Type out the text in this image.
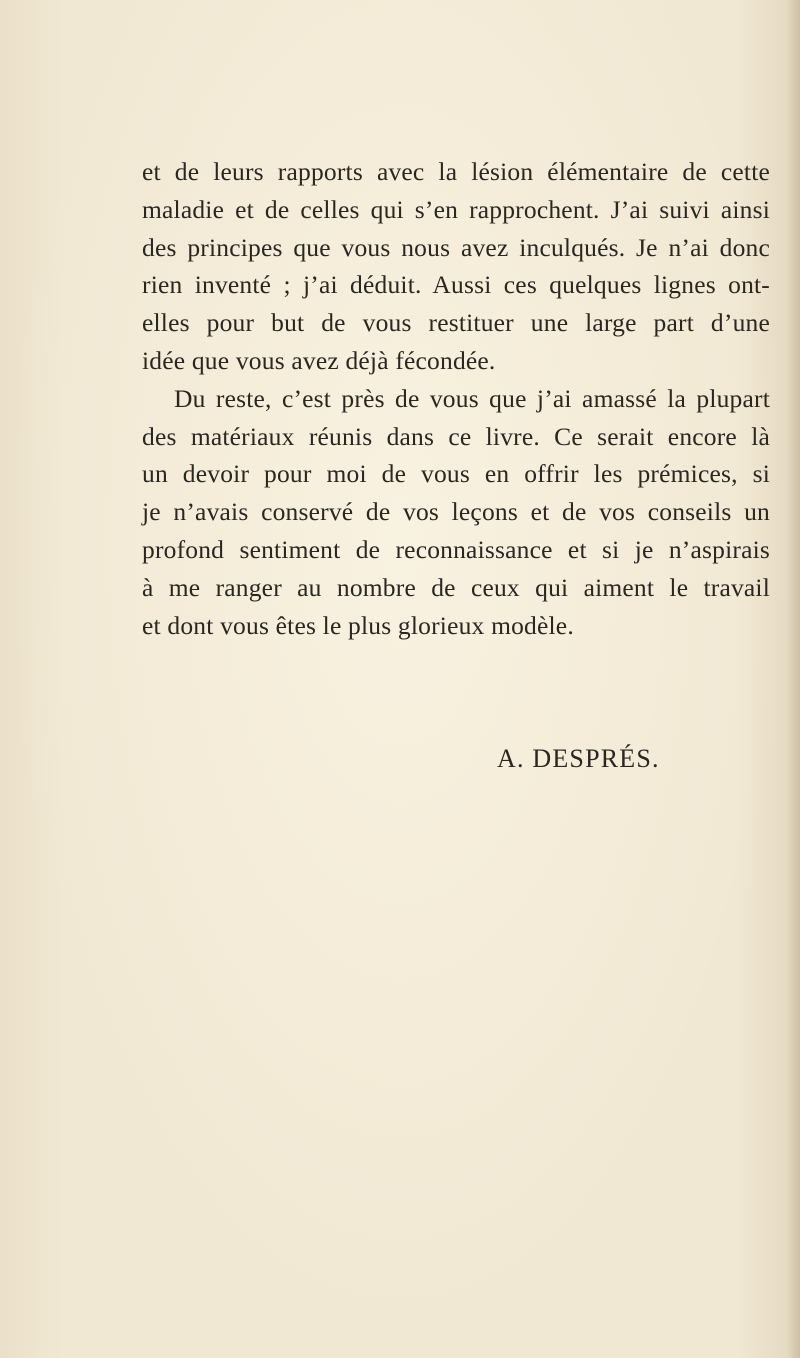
et de leurs rapports avec la lésion élémentaire de cette
maladie et de celles qui s’en rapprochent. J’ai suivi ainsi
des principes que vous nous avez inculqués. Je n’ai donc
rien inventé ; j’ai déduit. Aussi ces quelques lignes ont-
elles pour but de vous restituer une large part d’une
idée que vous avez déjà fécondée.
Du reste, c’est près de vous que j’ai amassé la plupart
des matériaux réunis dans ce livre. Ce serait encore là
un devoir pour moi de vous en offrir les prémices, si
je n’avais conservé de vos leçons et de vos conseils un
profond sentiment de reconnaissance et si je n’aspirais
à me ranger au nombre de ceux qui aiment le travail
et dont vous êtes le plus glorieux modèle.
A. DESPRÉS.
